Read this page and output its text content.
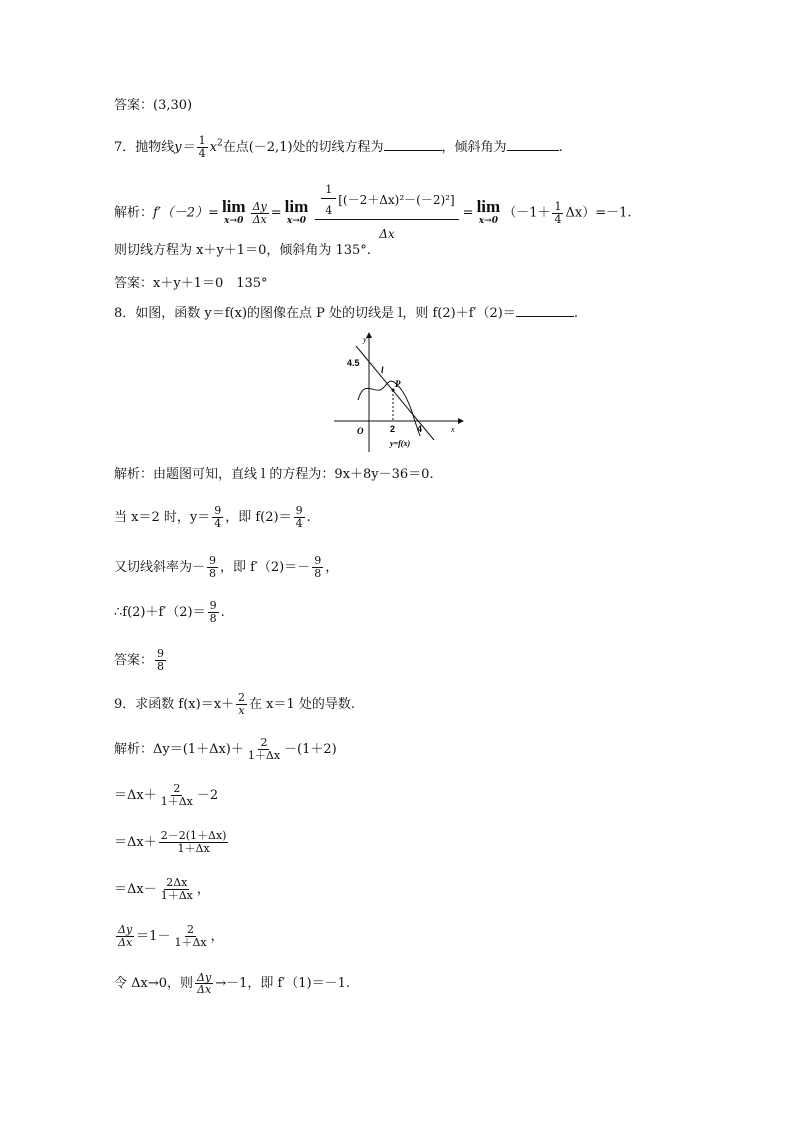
答案：(3,30)
7．抛物线$y= \frac{1}{4} x^2$在点(－2,1)处的切线方程为	，倾斜角为	.
解析：f′（－2）= lim
$x\to 0 \frac{\Delta y}{\Delta x} = \lim$
$x\to 0 \frac{\frac{1}{4} [(-2+\Delta x)^2-(-2)^2]}{\Delta x} = \lim$
x→0
$(-1+ \frac{1}{4} \Delta x)=-1$.
则切线方程为 x＋y＋1＝0，倾斜角为 135°.
答案：x＋y＋1＝0　135°
8．如图，函数 y＝f(x)的图像在点 P 处的切线是 l，则 f(2)＋f′（2)＝	.
y
x
O
4.5
2 4
l
P
y=f(x)
解析：由题图可知，直线 l 的方程为：9x＋8y－36＝0.
当 x＝2 时，$y= \frac{9}{4}$ ，即 $f(2)= \frac{9}{4}$ .
又切线斜率为－ $\frac{9}{8}$ ，即 $f'(2)=- \frac{9}{8}$ ，
∴f(2)＋f′（2)＝ $\frac{9}{8}$ .
答案： $\frac{9}{8}$
9．求函数 $f(x)=x+ \frac{2}{x}$ 在 x＝1 处的导数.
解析：$\Delta y=(1+\Delta x)+ \frac{2}{1+\Delta x} -(1+2)$
$=\Delta x+ \frac{2}{1+\Delta x} -2$
$=\Delta x+ \frac{2-2(1+\Delta x)}{1+\Delta x}$
$=\Delta x- \frac{2\Delta x}{1+\Delta x}$ ，
$\frac{\Delta y}{\Delta x} =1- \frac{2}{1+\Delta x}$ ，
令 Δx→0，则 $\frac{\Delta y}{\Delta x} \to-1$，即 f′（1)＝－1.
